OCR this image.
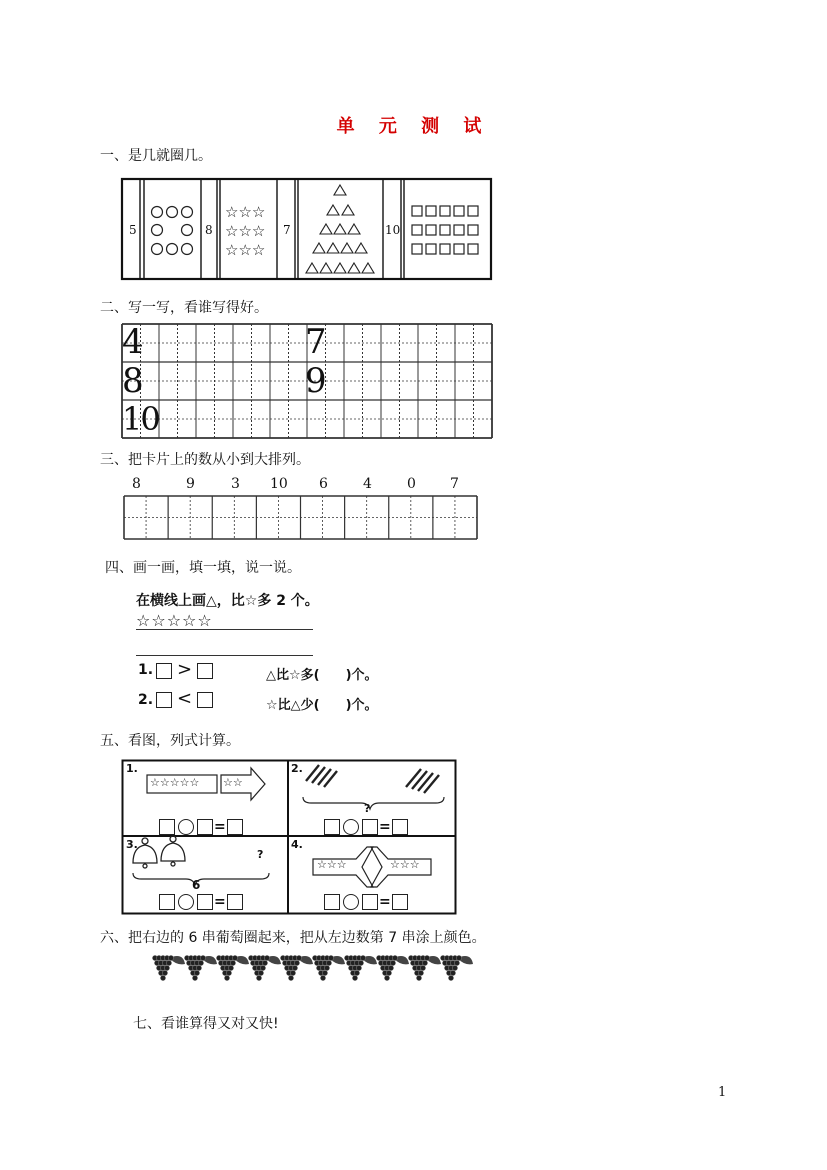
单 元 测 试
一、是几就圈几。
☆☆☆
☆☆☆
☆☆☆
5	8	7	10
二、写一写，看谁写得好。
4	7
8	9
10
三、把卡片上的数从小到大排列。
8	9	3 10 6	4	0 7
四、画一画，填一填，说一说。
在横线上画△，比☆多 2 个。
☆☆☆☆☆
1. >	△比☆多(　　)个。
2. <	☆比△少(　　)个。
五、看图，列式计算。
1.	2.
3.	4.
☆☆☆☆☆ ☆☆
☆☆☆	☆☆☆
?
?
6
=	=
=	=
六、把右边的 6 串葡萄圈起来，把从左边数第 7 串涂上颜色。
七、看谁算得又对又快!
1
